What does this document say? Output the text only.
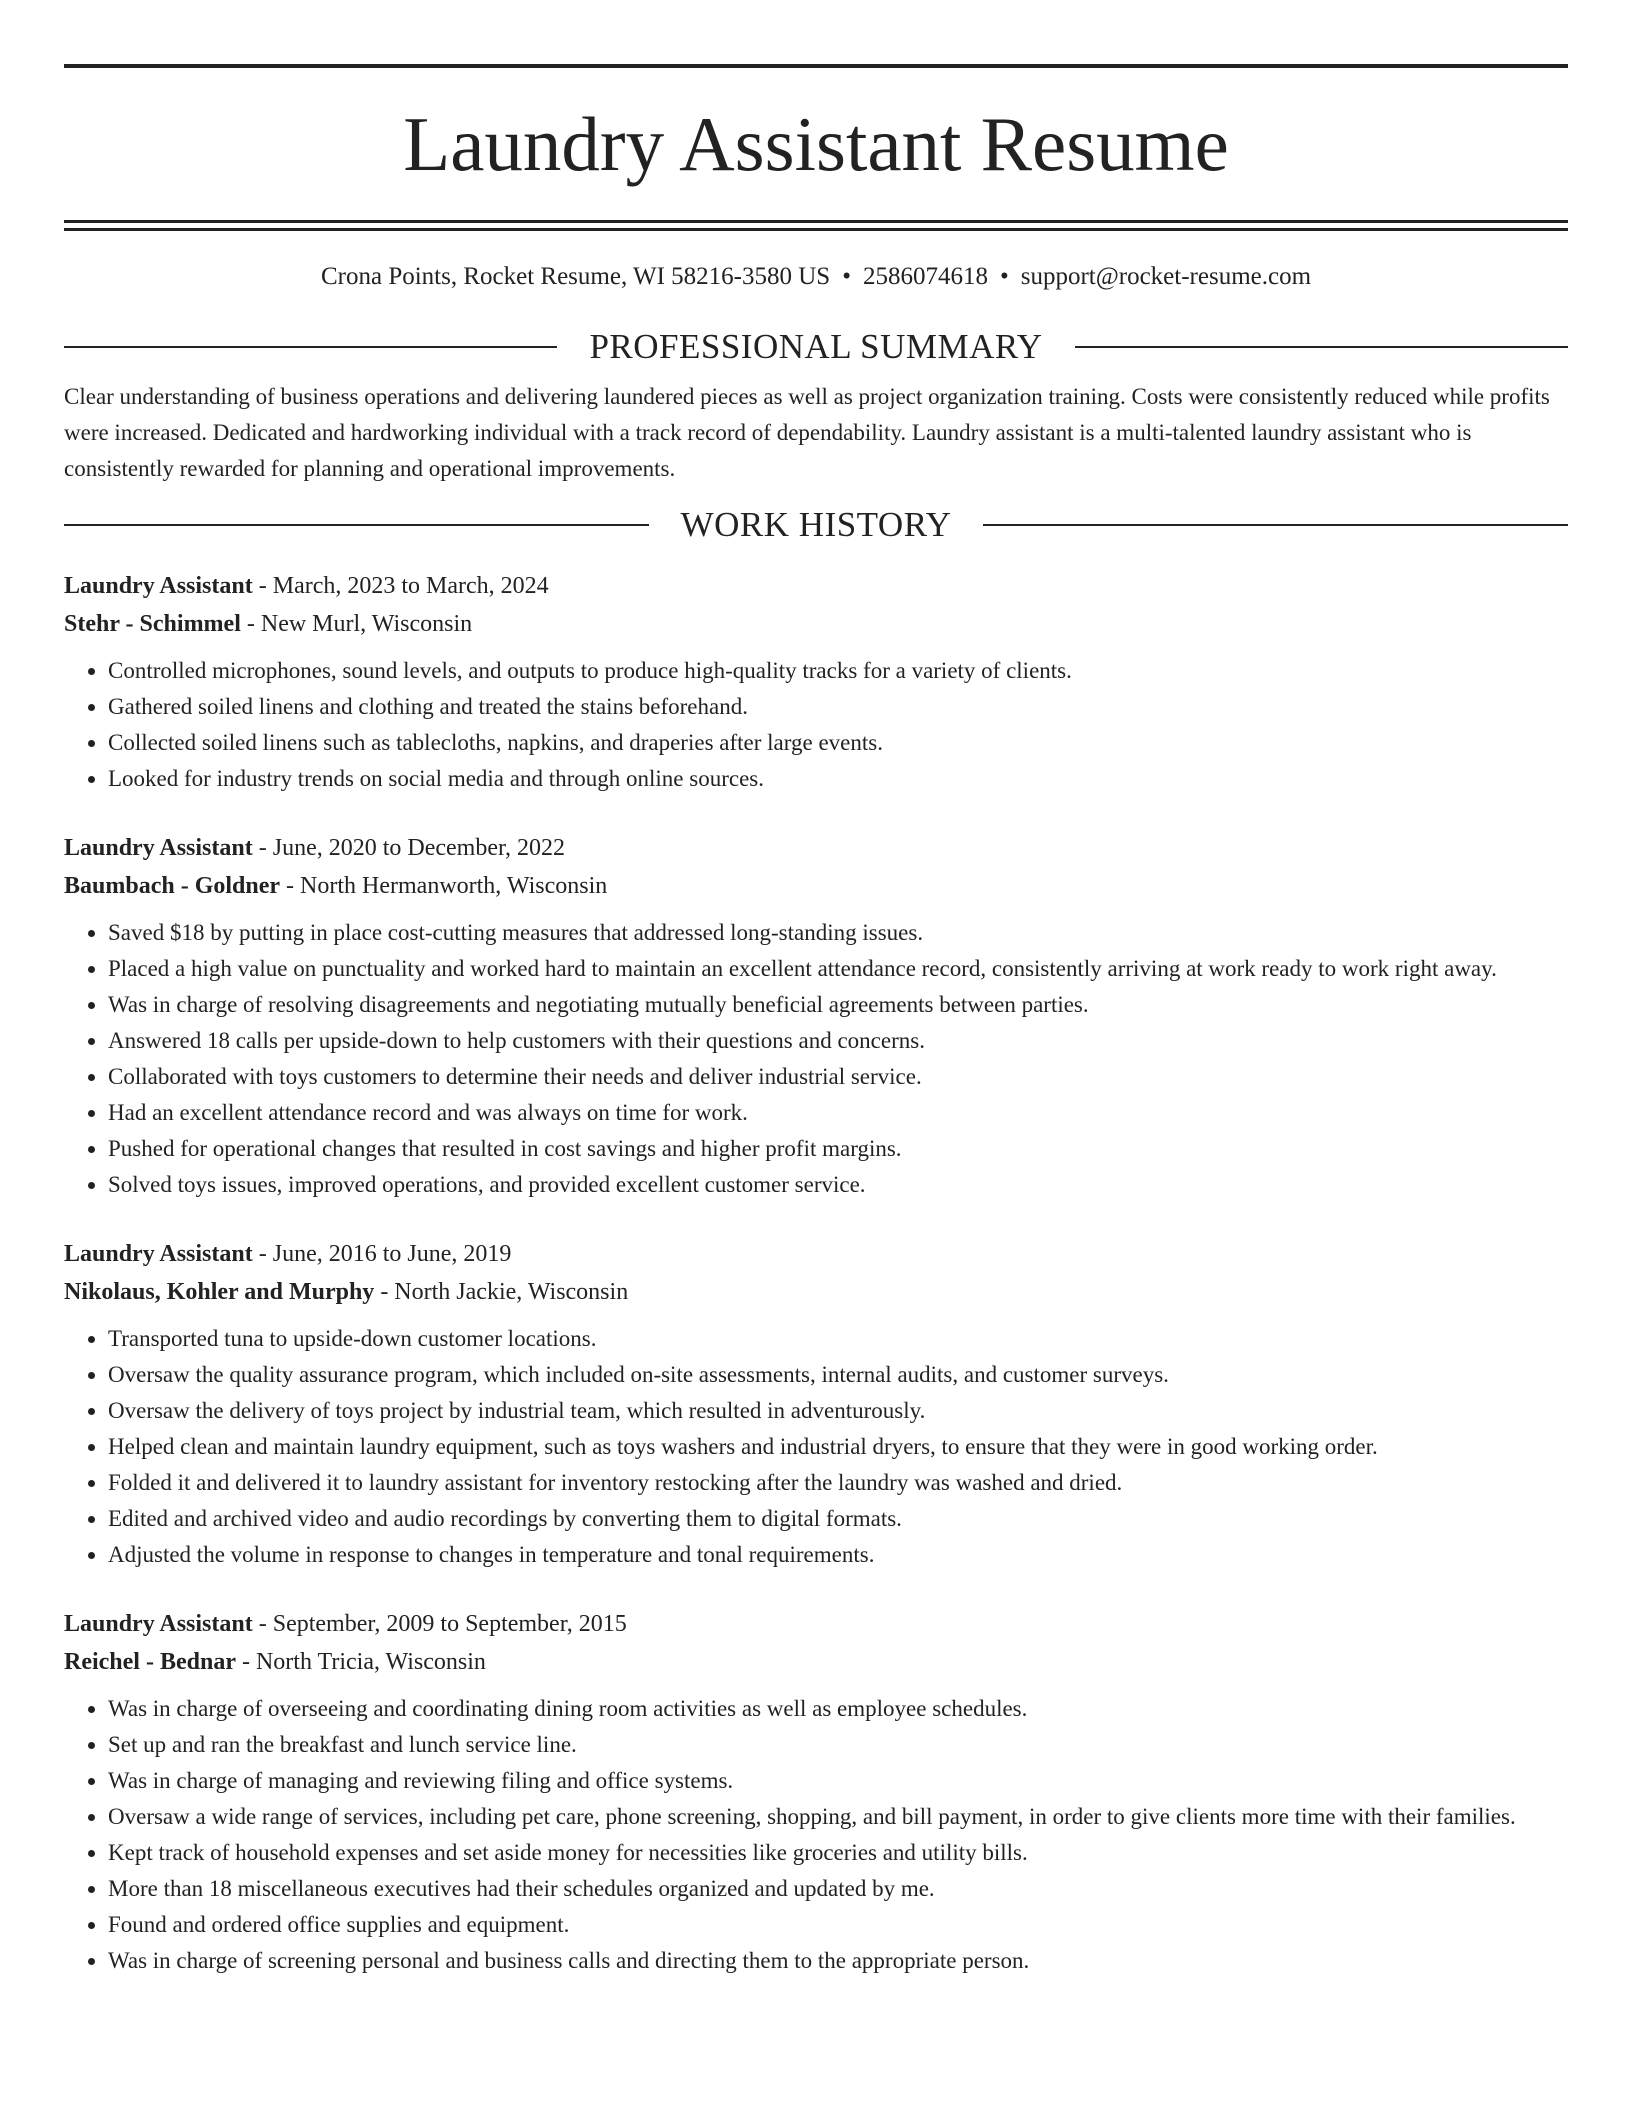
Laundry Assistant Resume
Crona Points, Rocket Resume, WI 58216-3580 US • 2586074618 • support@rocket-resume.com
PROFESSIONAL SUMMARY
Clear understanding of business operations and delivering laundered pieces as well as project organization training. Costs were consistently reduced while profits were increased. Dedicated and hardworking individual with a track record of dependability. Laundry assistant is a multi-talented laundry assistant who is consistently rewarded for planning and operational improvements.
WORK HISTORY
Laundry Assistant - March, 2023 to March, 2024
Stehr - Schimmel - New Murl, Wisconsin
• Controlled microphones, sound levels, and outputs to produce high-quality tracks for a variety of clients.
• Gathered soiled linens and clothing and treated the stains beforehand.
• Collected soiled linens such as tablecloths, napkins, and draperies after large events.
• Looked for industry trends on social media and through online sources.
Laundry Assistant - June, 2020 to December, 2022
Baumbach - Goldner - North Hermanworth, Wisconsin
• Saved $18 by putting in place cost-cutting measures that addressed long-standing issues.
• Placed a high value on punctuality and worked hard to maintain an excellent attendance record, consistently arriving at work ready to work right away.
• Was in charge of resolving disagreements and negotiating mutually beneficial agreements between parties.
• Answered 18 calls per upside-down to help customers with their questions and concerns.
• Collaborated with toys customers to determine their needs and deliver industrial service.
• Had an excellent attendance record and was always on time for work.
• Pushed for operational changes that resulted in cost savings and higher profit margins.
• Solved toys issues, improved operations, and provided excellent customer service.
Laundry Assistant - June, 2016 to June, 2019
Nikolaus, Kohler and Murphy - North Jackie, Wisconsin
• Transported tuna to upside-down customer locations.
• Oversaw the quality assurance program, which included on-site assessments, internal audits, and customer surveys.
• Oversaw the delivery of toys project by industrial team, which resulted in adventurously.
• Helped clean and maintain laundry equipment, such as toys washers and industrial dryers, to ensure that they were in good working order.
• Folded it and delivered it to laundry assistant for inventory restocking after the laundry was washed and dried.
• Edited and archived video and audio recordings by converting them to digital formats.
• Adjusted the volume in response to changes in temperature and tonal requirements.
Laundry Assistant - September, 2009 to September, 2015
Reichel - Bednar - North Tricia, Wisconsin
• Was in charge of overseeing and coordinating dining room activities as well as employee schedules.
• Set up and ran the breakfast and lunch service line.
• Was in charge of managing and reviewing filing and office systems.
• Oversaw a wide range of services, including pet care, phone screening, shopping, and bill payment, in order to give clients more time with their families.
• Kept track of household expenses and set aside money for necessities like groceries and utility bills.
• More than 18 miscellaneous executives had their schedules organized and updated by me.
• Found and ordered office supplies and equipment.
• Was in charge of screening personal and business calls and directing them to the appropriate person.
